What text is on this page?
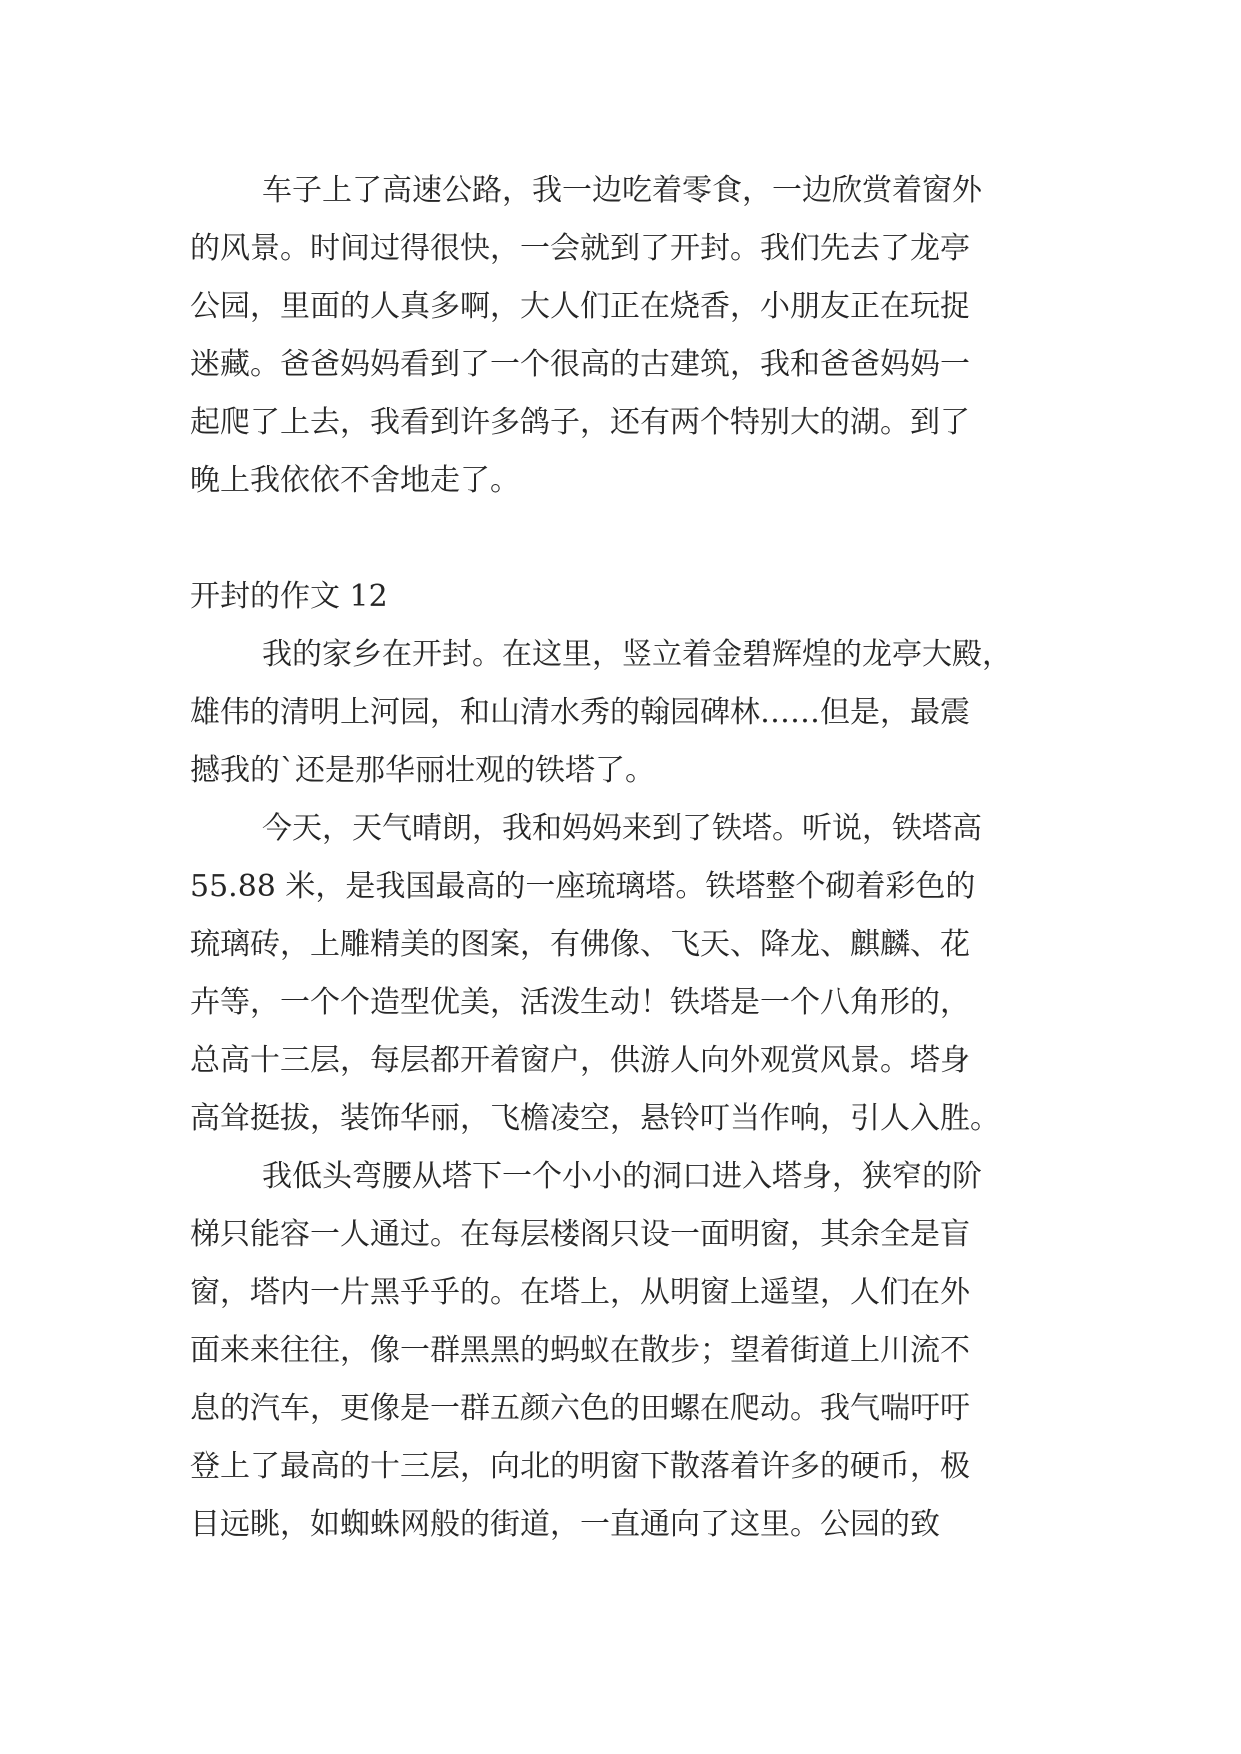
车子上了高速公路，我一边吃着零食，一边欣赏着窗外
的风景。时间过得很快，一会就到了开封。我们先去了龙亭
公园，里面的人真多啊，大人们正在烧香，小朋友正在玩捉
迷藏。爸爸妈妈看到了一个很高的古建筑，我和爸爸妈妈一
起爬了上去，我看到许多鸽子，还有两个特别大的湖。到了
晚上我依依不舍地走了。
开封的作文 12
我的家乡在开封。在这里，竖立着金碧辉煌的龙亭大殿，
雄伟的清明上河园，和山清水秀的翰园碑林……但是，最震
撼我的`还是那华丽壮观的铁塔了。
今天，天气晴朗，我和妈妈来到了铁塔。听说，铁塔高
55.88 米，是我国最高的一座琉璃塔。铁塔整个砌着彩色的
琉璃砖，上雕精美的图案，有佛像、飞天、降龙、麒麟、花
卉等，一个个造型优美，活泼生动！铁塔是一个八角形的，
总高十三层，每层都开着窗户，供游人向外观赏风景。塔身
高耸挺拔，装饰华丽，飞檐凌空，悬铃叮当作响，引人入胜。
我低头弯腰从塔下一个小小的洞口进入塔身，狭窄的阶
梯只能容一人通过。在每层楼阁只设一面明窗，其余全是盲
窗，塔内一片黑乎乎的。在塔上，从明窗上遥望，人们在外
面来来往往，像一群黑黑的蚂蚁在散步；望着街道上川流不
息的汽车，更像是一群五颜六色的田螺在爬动。我气喘吁吁
登上了最高的十三层，向北的明窗下散落着许多的硬币，极
目远眺，如蜘蛛网般的街道，一直通向了这里。公园的致
